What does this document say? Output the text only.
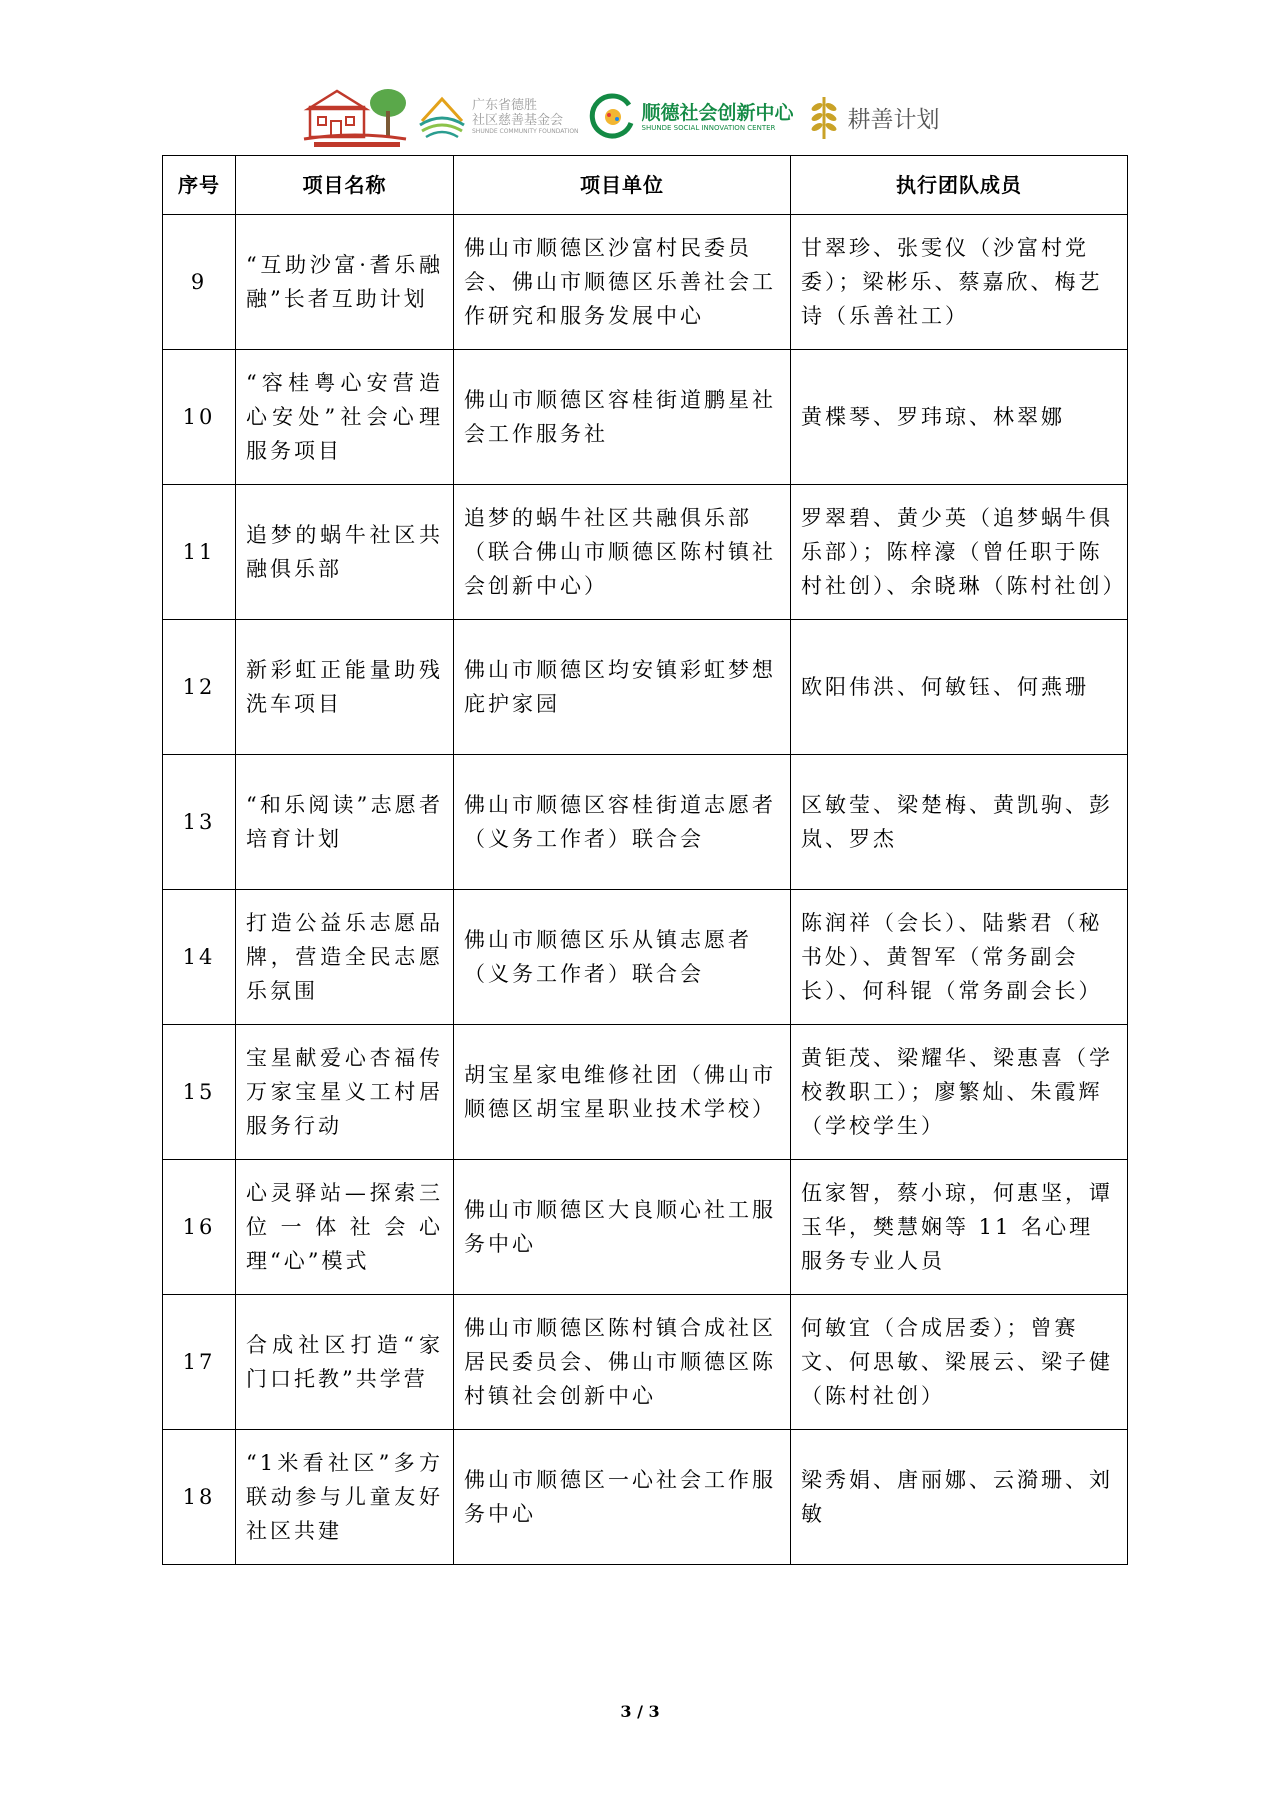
广东省德胜
社区慈善基金会
SHUNDE COMMUNITY FOUNDATION
顺德社会创新中心
SHUNDE SOCIAL INNOVATION CENTER	耕善计划
序号	项目名称	项目单位	执行团队成员
9	“互助沙富·耆乐融融”长者互助计划	佛山市顺德区沙富村民委员会、佛山市顺德区乐善社会工作研究和服务发展中心	甘翠珍、张雯仪（沙富村党委）；梁彬乐、蔡嘉欣、梅艺诗（乐善社工）
10	“容桂粤心安营造心安处”社会心理服务项目	佛山市顺德区容桂街道鹏星社会工作服务社	黄楪琴、罗玮琼、林翠娜
11	追梦的蜗牛社区共融俱乐部	追梦的蜗牛社区共融俱乐部（联合佛山市顺德区陈村镇社会创新中心）	罗翠碧、黄少英（追梦蜗牛俱乐部）；陈梓濠（曾任职于陈村社创）、余晓琳（陈村社创）
12	新彩虹正能量助残洗车项目	佛山市顺德区均安镇彩虹梦想庇护家园	欧阳伟洪、何敏钰、何燕珊
13	“和乐阅读”志愿者培育计划	佛山市顺德区容桂街道志愿者（义务工作者）联合会	区敏莹、梁楚梅、黄凯驹、彭岚、罗杰
14	打造公益乐志愿品牌，营造全民志愿乐氛围	佛山市顺德区乐从镇志愿者（义务工作者）联合会	陈润祥（会长）、陆紫君（秘书处）、黄智军（常务副会长）、何科锟（常务副会长）
15	宝星献爱心杏福传万家宝星义工村居服务行动	胡宝星家电维修社团（佛山市顺德区胡宝星职业技术学校）	黄钜茂、梁耀华、梁惠喜（学校教职工）；廖繁灿、朱霞辉（学校学生）
16	心灵驿站—探索三位一体社会心理“心”模式	佛山市顺德区大良顺心社工服务中心	伍家智，蔡小琼，何惠坚，谭玉华，樊慧娴等 11 名心理服务专业人员
17	合成社区打造“家门口托教”共学营	佛山市顺德区陈村镇合成社区居民委员会、佛山市顺德区陈村镇社会创新中心	何敏宜（合成居委）；曾赛文、何思敏、梁展云、梁子健（陈村社创）
18	“1米看社区”多方联动参与儿童友好社区共建	佛山市顺德区一心社会工作服务中心	梁秀娟、唐丽娜、云漪珊、刘敏
3 / 3
